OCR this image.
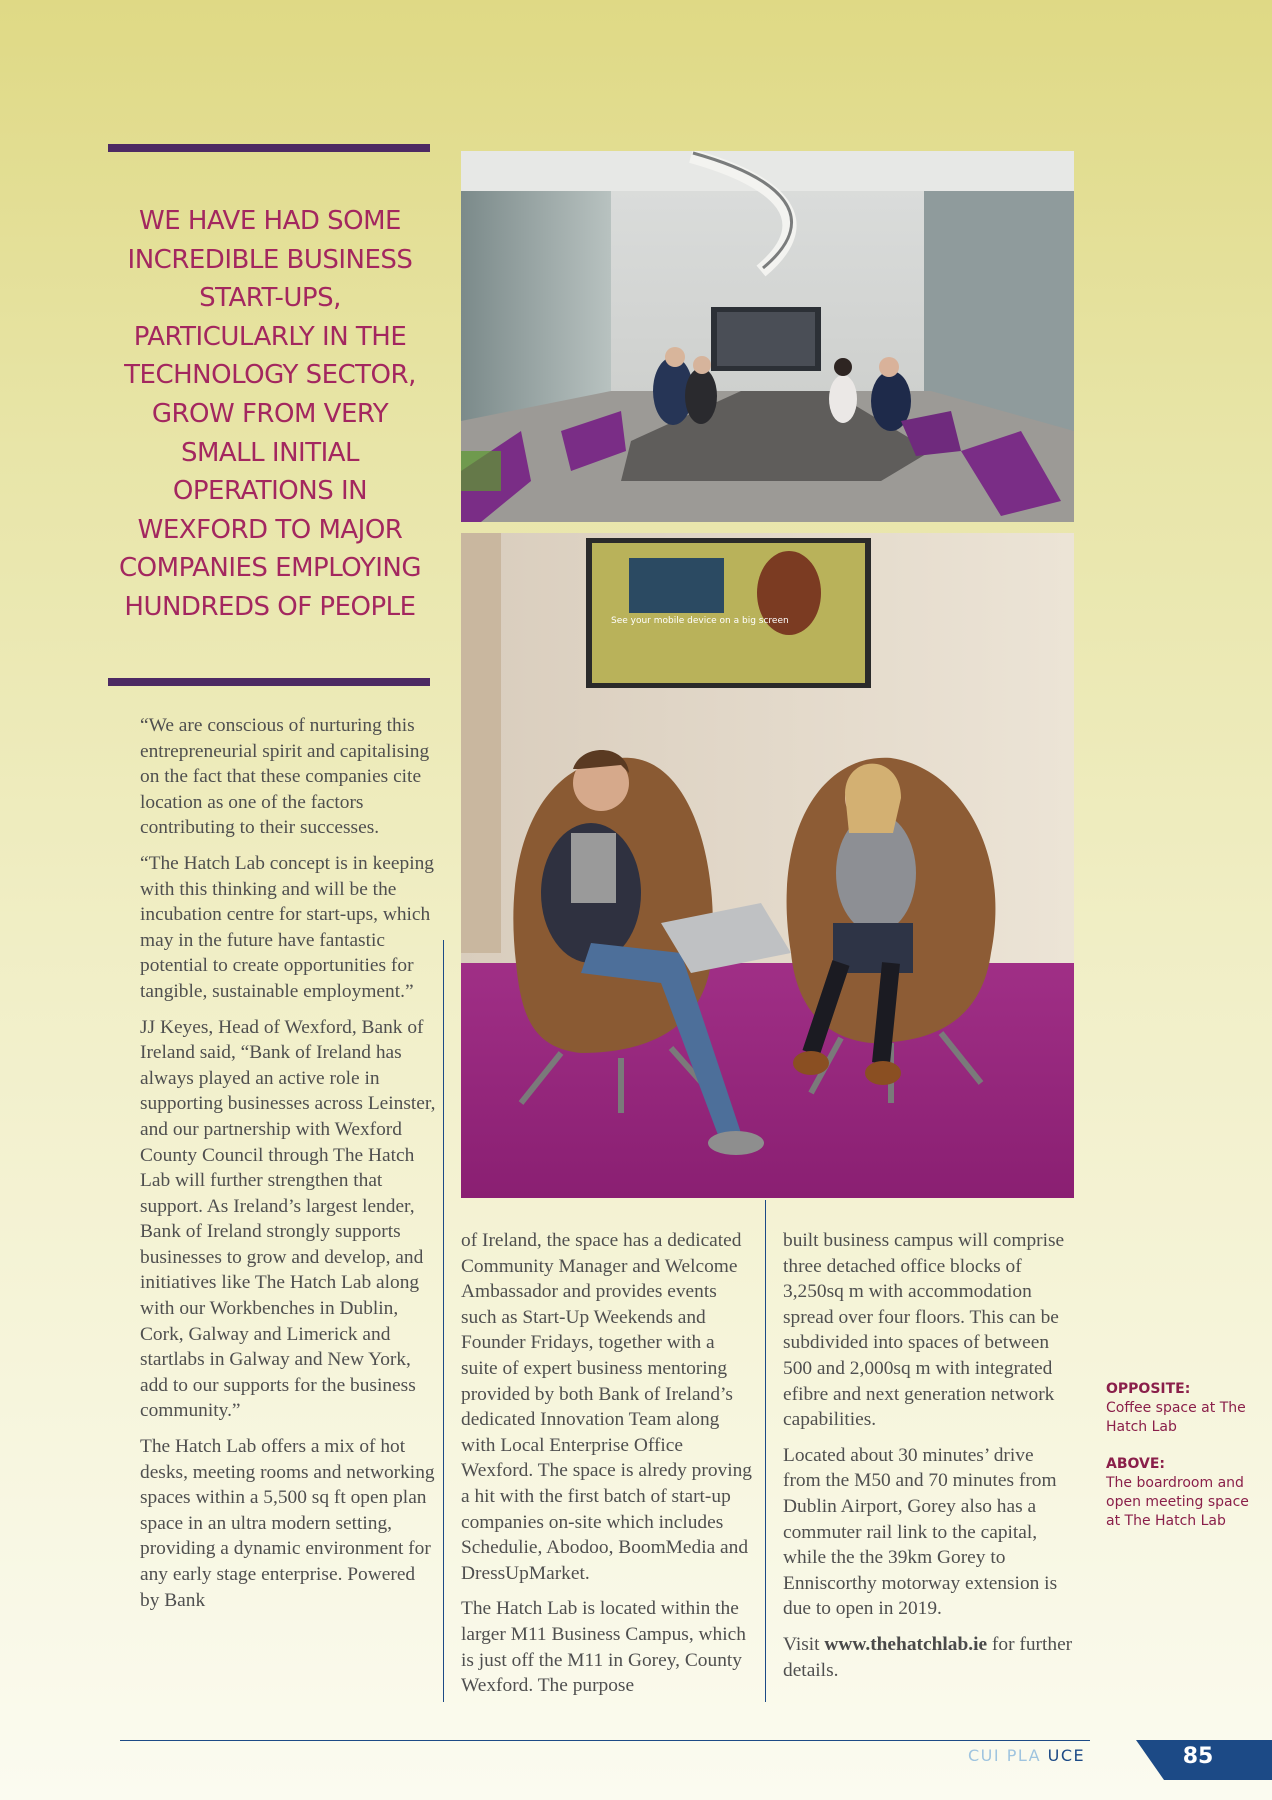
WE HAVE HAD SOME INCREDIBLE BUSINESS START-UPS, PARTICULARLY IN THE TECHNOLOGY SECTOR, GROW FROM VERY SMALL INITIAL OPERATIONS IN WEXFORD TO MAJOR COMPANIES EMPLOYING HUNDREDS OF PEOPLE	See your mobile device on a big screen

“We are conscious of nurturing this entrepreneurial spirit and capitalising on the fact that these companies cite location as one of the factors contributing to their successes.

“The Hatch Lab concept is in keeping with this thinking and will be the incubation centre for start-ups, which may in the future have fantastic potential to create opportunities for tangible, sustainable employment.”

JJ Keyes, Head of Wexford, Bank of Ireland said, “Bank of Ireland has always played an active role in supporting businesses across Leinster, and our partnership with Wexford County Council through The Hatch Lab will further strengthen that support. As Ireland’s largest lender, Bank of Ireland strongly supports businesses to grow and develop, and initiatives like The Hatch Lab along with our Workbenches in Dublin, Cork, Galway and Limerick and startlabs in Galway and New York, add to our supports for the business community.”

The Hatch Lab offers a mix of hot desks, meeting rooms and networking spaces within a 5,500 sq ft open plan space in an ultra modern setting, providing a dynamic environment for any early stage enterprise. Powered by Bank

of Ireland, the space has a dedicated Community Manager and Welcome Ambassador and provides events such as Start-Up Weekends and Founder Fridays, together with a suite of expert business mentoring provided by both Bank of Ireland’s dedicated Innovation Team along with Local Enterprise Office Wexford. The space is alredy proving a hit with the first batch of start-up companies on-site which includes Schedulie, Abodoo, BoomMedia and DressUpMarket.

The Hatch Lab is located within the larger M11 Business Campus, which is just off the M11 in Gorey, County Wexford. The purpose

built business campus will comprise three detached office blocks of 3,250sq m with accommodation spread over four floors. This can be subdivided into spaces of between 500 and 2,000sq m with integrated efibre and next generation network capabilities.

Located about 30 minutes’ drive from the M50 and 70 minutes from Dublin Airport, Gorey also has a commuter rail link to the capital, while the the 39km Gorey to Enniscorthy motorway extension is due to open in 2019.

Visit www.thehatchlab.ie for further details.

OPPOSITE:
Coffee space at The Hatch Lab
ABOVE:
The boardroom and open meeting space at The Hatch Lab
CUI PLA UCE	85
